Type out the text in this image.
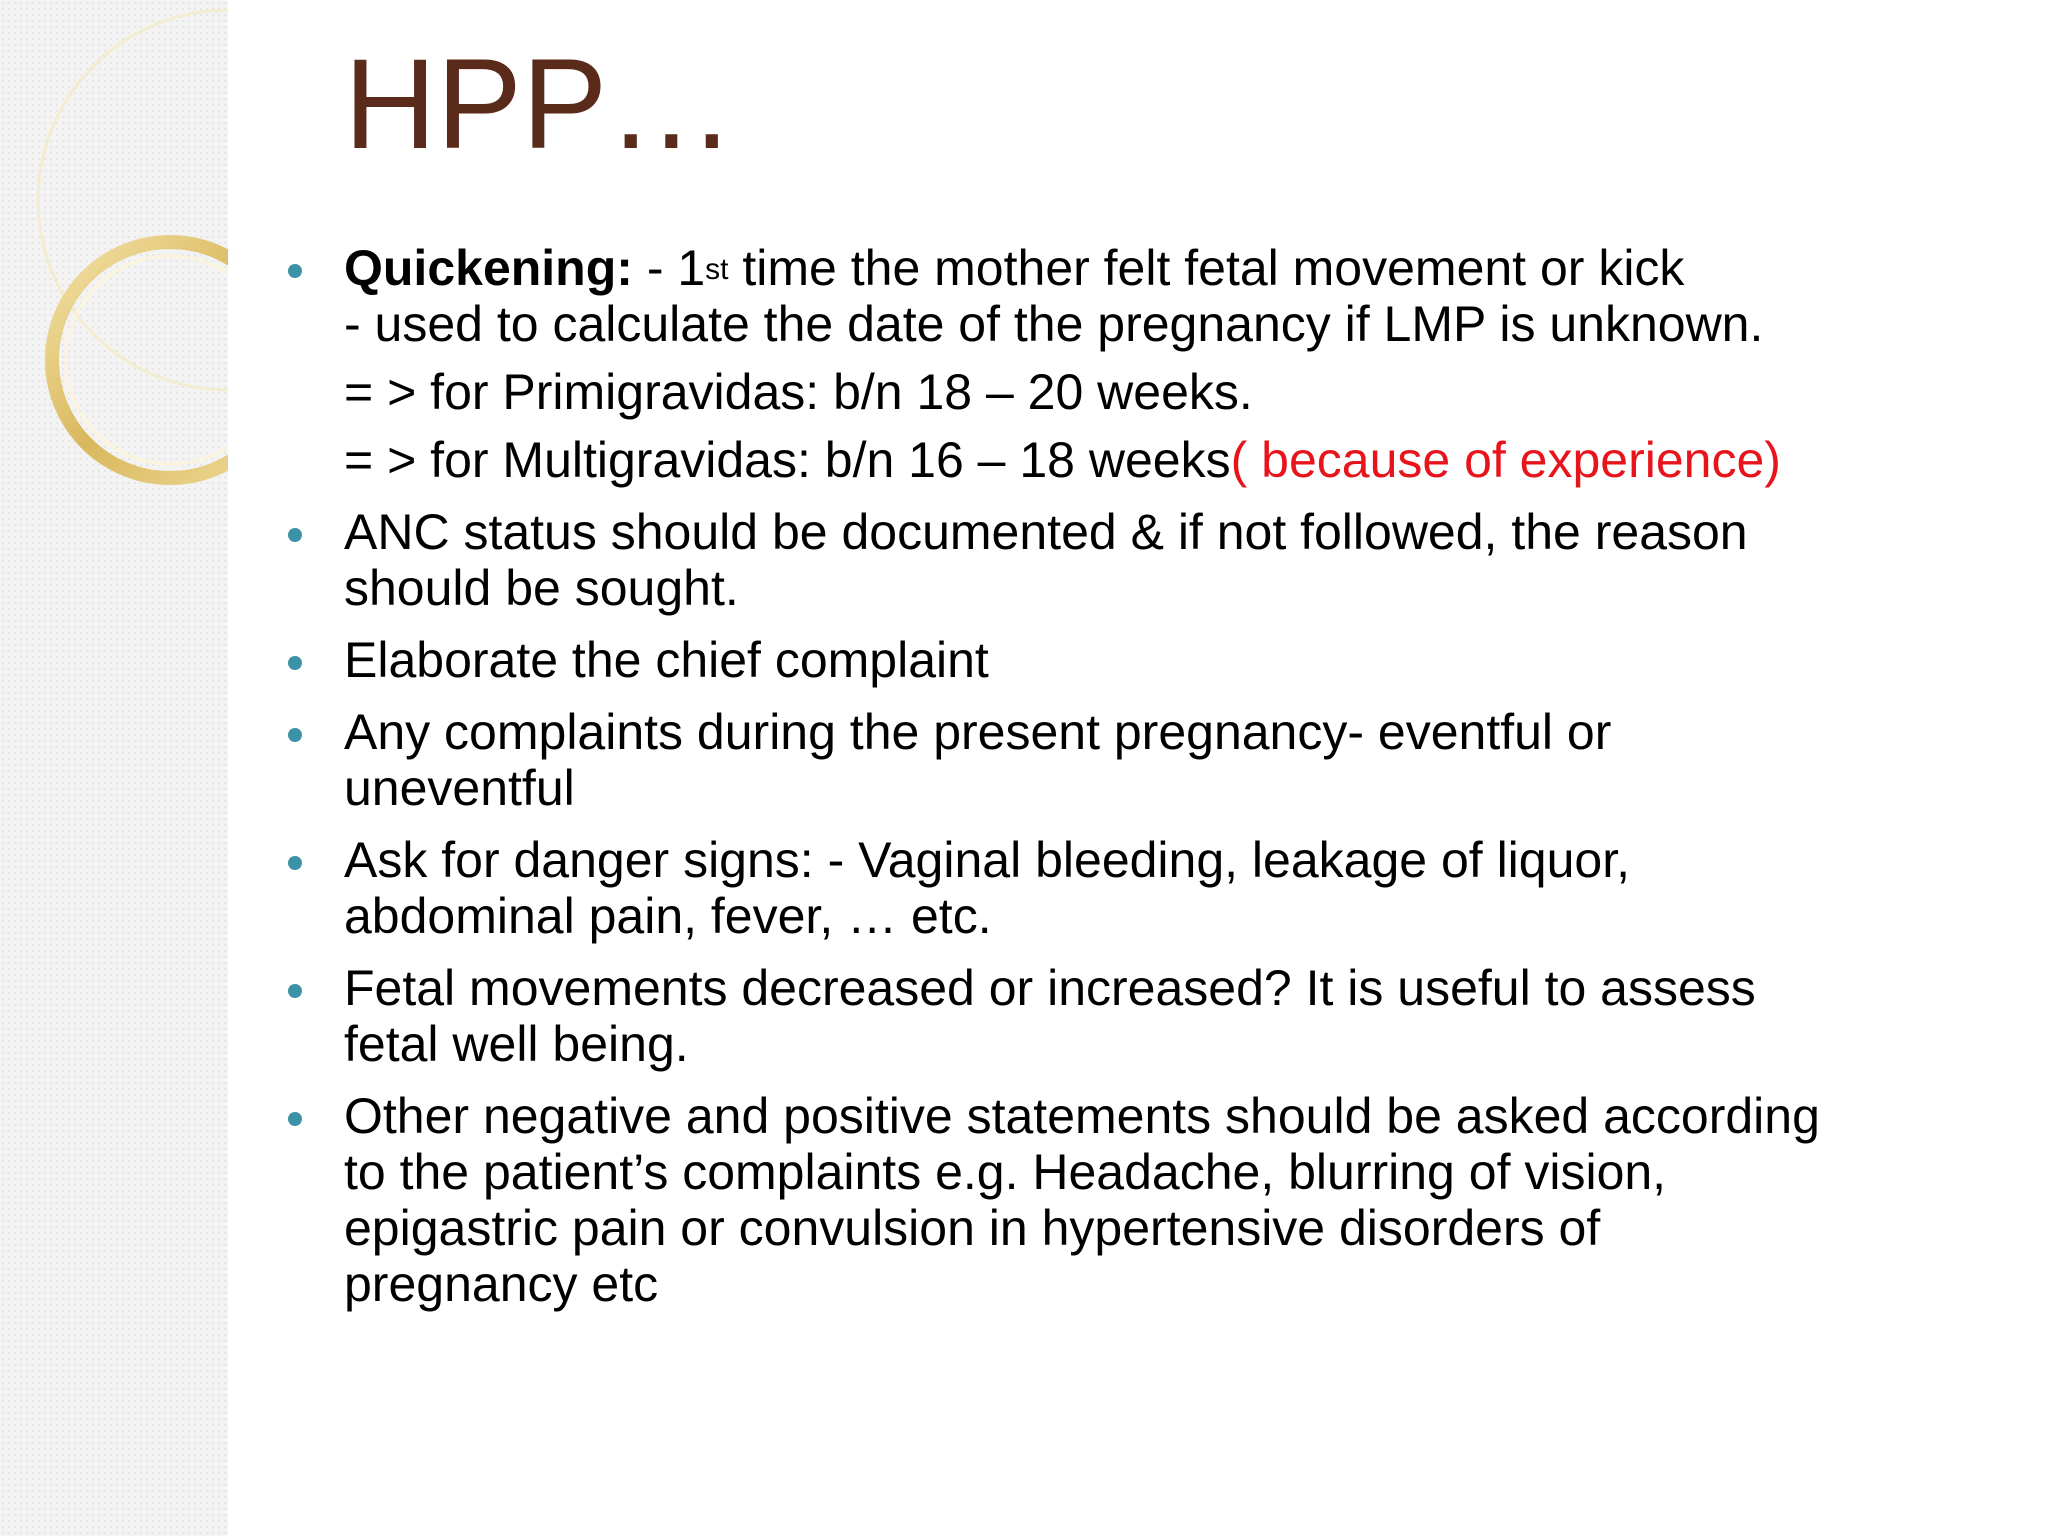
HPP…
Quickening: - 1st time the mother felt fetal movement or kick
- used to calculate the date of the pregnancy if LMP is unknown.
= > for Primigravidas: b/n 18 – 20 weeks.
= > for Multigravidas: b/n 16 – 18 weeks( because of experience)
ANC status should be documented & if not followed, the reason
should be sought.
Elaborate the chief complaint
Any complaints during the present pregnancy- eventful or
uneventful
Ask for danger signs: - Vaginal bleeding, leakage of liquor,
abdominal pain, fever, … etc.
Fetal movements decreased or increased? It is useful to assess
fetal well being.
Other negative and positive statements should be asked according
to the patient’s complaints e.g. Headache, blurring of vision,
epigastric pain or convulsion in hypertensive disorders of
pregnancy etc
